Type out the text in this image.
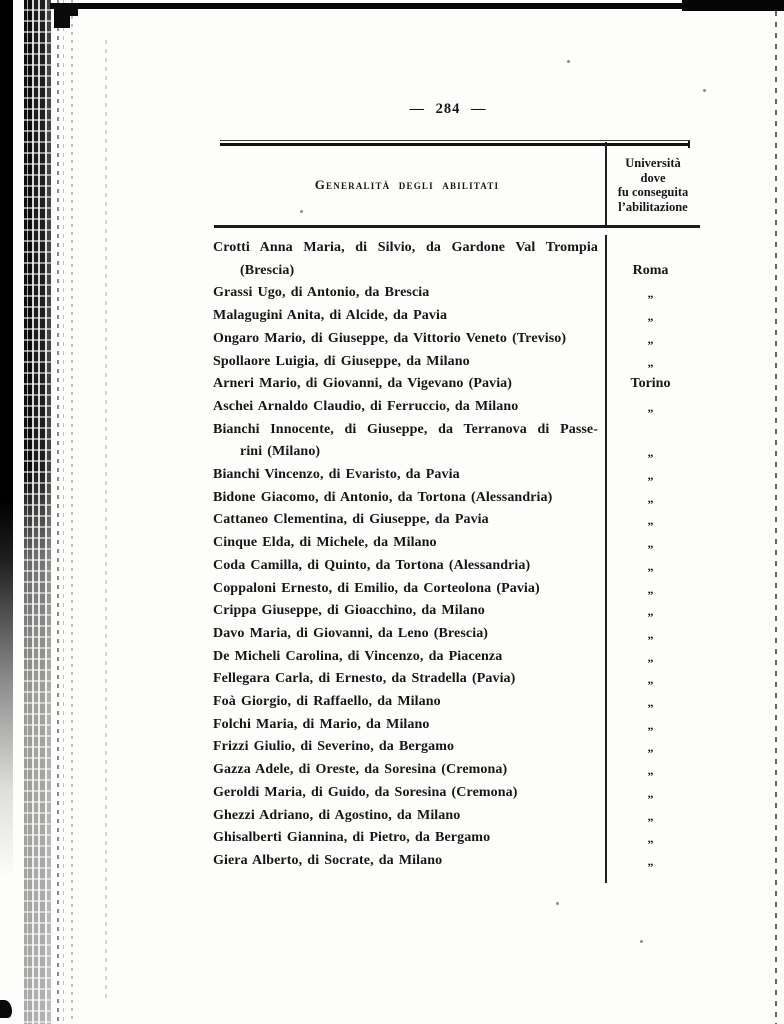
— 284 —
Generalità degli abilitati
Università
dove
fu conseguita
l’abilitazione
Crotti Anna Maria, di Silvio, da Gardone Val Trompia
(Brescia)	Roma
Grassi Ugo, di Antonio, da Brescia	„
Malagugini Anita, di Alcide, da Pavia	„
Ongaro Mario, di Giuseppe, da Vittorio Veneto (Treviso)	„
Spollaore Luigia, di Giuseppe, da Milano	„
Arneri Mario, di Giovanni, da Vigevano (Pavia)	Torino
Aschei Arnaldo Claudio, di Ferruccio, da Milano	„
Bianchi Innocente, di Giuseppe, da Terranova di Passe-
rini (Milano)	„
Bianchi Vincenzo, di Evaristo, da Pavia	„
Bidone Giacomo, di Antonio, da Tortona (Alessandria)	„
Cattaneo Clementina, di Giuseppe, da Pavia	„
Cinque Elda, di Michele, da Milano	„
Coda Camilla, di Quinto, da Tortona (Alessandria)	„
Coppaloni Ernesto, di Emilio, da Corteolona (Pavia)	„
Crippa Giuseppe, di Gioacchino, da Milano	„
Davo Maria, di Giovanni, da Leno (Brescia)	„
De Micheli Carolina, di Vincenzo, da Piacenza	„
Fellegara Carla, di Ernesto, da Stradella (Pavia)	„
Foà Giorgio, di Raffaello, da Milano	„
Folchi Maria, di Mario, da Milano	„
Frizzi Giulio, di Severino, da Bergamo	„
Gazza Adele, di Oreste, da Soresina (Cremona)	„
Geroldi Maria, di Guido, da Soresina (Cremona)	„
Ghezzi Adriano, di Agostino, da Milano	„
Ghisalberti Giannina, di Pietro, da Bergamo	„
Giera Alberto, di Socrate, da Milano	„
